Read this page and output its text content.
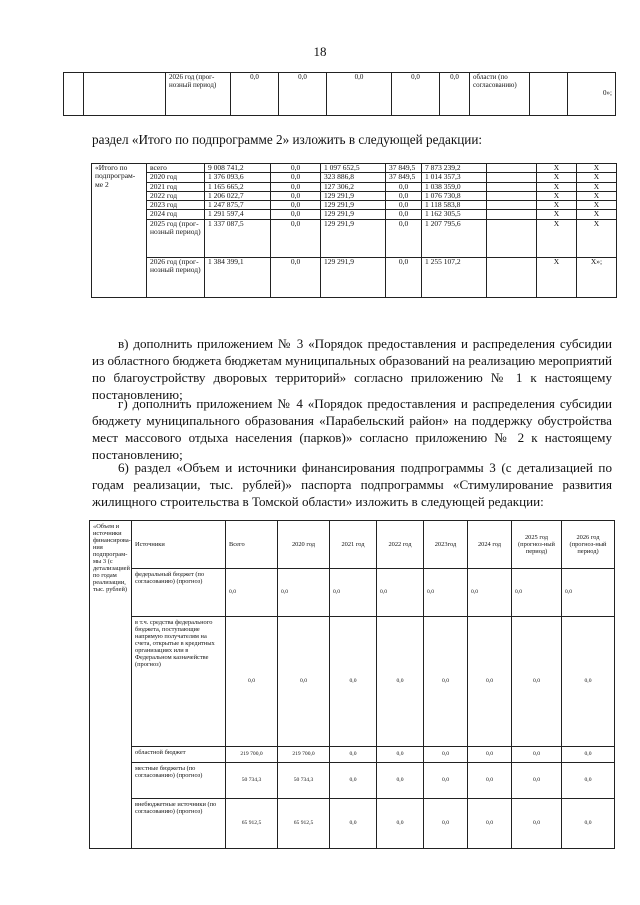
18
		2026 год (прог-нозный период)	0,0	0,0	0,0	0,0	0,0	области (по согласованию)		0»;
раздел «Итого по подпрограмме 2» изложить в следующей редакции:
«Итого по подпрограм-ме 2	всего	9 008 741,2	0,0	1 097 652,5	37 849,5	7 873 239,2		X	X
	2020 год	1 376 093,6	0,0	323 886,8	37 849,5	1 014 357,3		X	X
	2021 год	1 165 665,2	0,0	127 306,2	0,0	1 038 359,0		X	X
	2022 год	1 206 022,7	0,0	129 291,9	0,0	1 076 730,8		X	X
	2023 год	1 247 875,7	0,0	129 291,9	0,0	1 118 583,8		X	X
	2024 год	1 291 597,4	0,0	129 291,9	0,0	1 162 305,5		X	X
	2025 год (прог-нозный период)	1 337 087,5	0,0	129 291,9	0,0	1 207 795,6		X	X
	2026 год (прог-нозный период)	1 384 399,1	0,0	129 291,9	0,0	1 255 107,2		X	X»;
в) дополнить приложением № 3 «Порядок предоставления и распределения субсидии из областного бюджета бюджетам муниципальных образований на реализацию мероприятий по благоустройству дворовых территорий» согласно приложению № 1 к настоящему постановлению;
г) дополнить приложением № 4 «Порядок предоставления и распределения субсидии бюджету муниципального образования «Парабельский район» на поддержку обустройства мест массового отдыха населения (парков)» согласно приложению № 2 к настоящему постановлению;
6) раздел «Объем и источники финансирования подпрограммы 3 (с детализацией по годам реализации, тыс. рублей)» паспорта подпрограммы «Стимулирование развития жилищного строительства в Томской области» изложить в следующей редакции:
«Объем и источники финансирова-ния подпрограм-мы 3 (с детализацией по годам реализации, тыс. рублей)	Источники	Всего	2020 год	2021 год	2022 год	2023год	2024 год	2025 год (прогноз-ный период)	2026 год (прогноз-ный период)
	федеральный бюджет (по согласованию) (прогноз)	0,0	0,0	0,0	0,0	0,0	0,0	0,0	0,0
	в т.ч. средства федерального бюджета, поступающие напрямую получателям на счета, открытые в кредитных организациях или в Федеральном казначействе (прогноз)	0,0	0,0	0,0	0,0	0,0	0,0	0,0	0,0
	областной бюджет	219 700,0	219 700,0	0,0	0,0	0,0	0,0	0,0	0,0
	местные бюджеты (по согласованию) (прогноз)	50 734,3	50 734,3	0,0	0,0	0,0	0,0	0,0	0,0
	внебюджетные источники (по согласованию) (прогноз)	65 912,5	65 912,5	0,0	0,0	0,0	0,0	0,0	0,0
